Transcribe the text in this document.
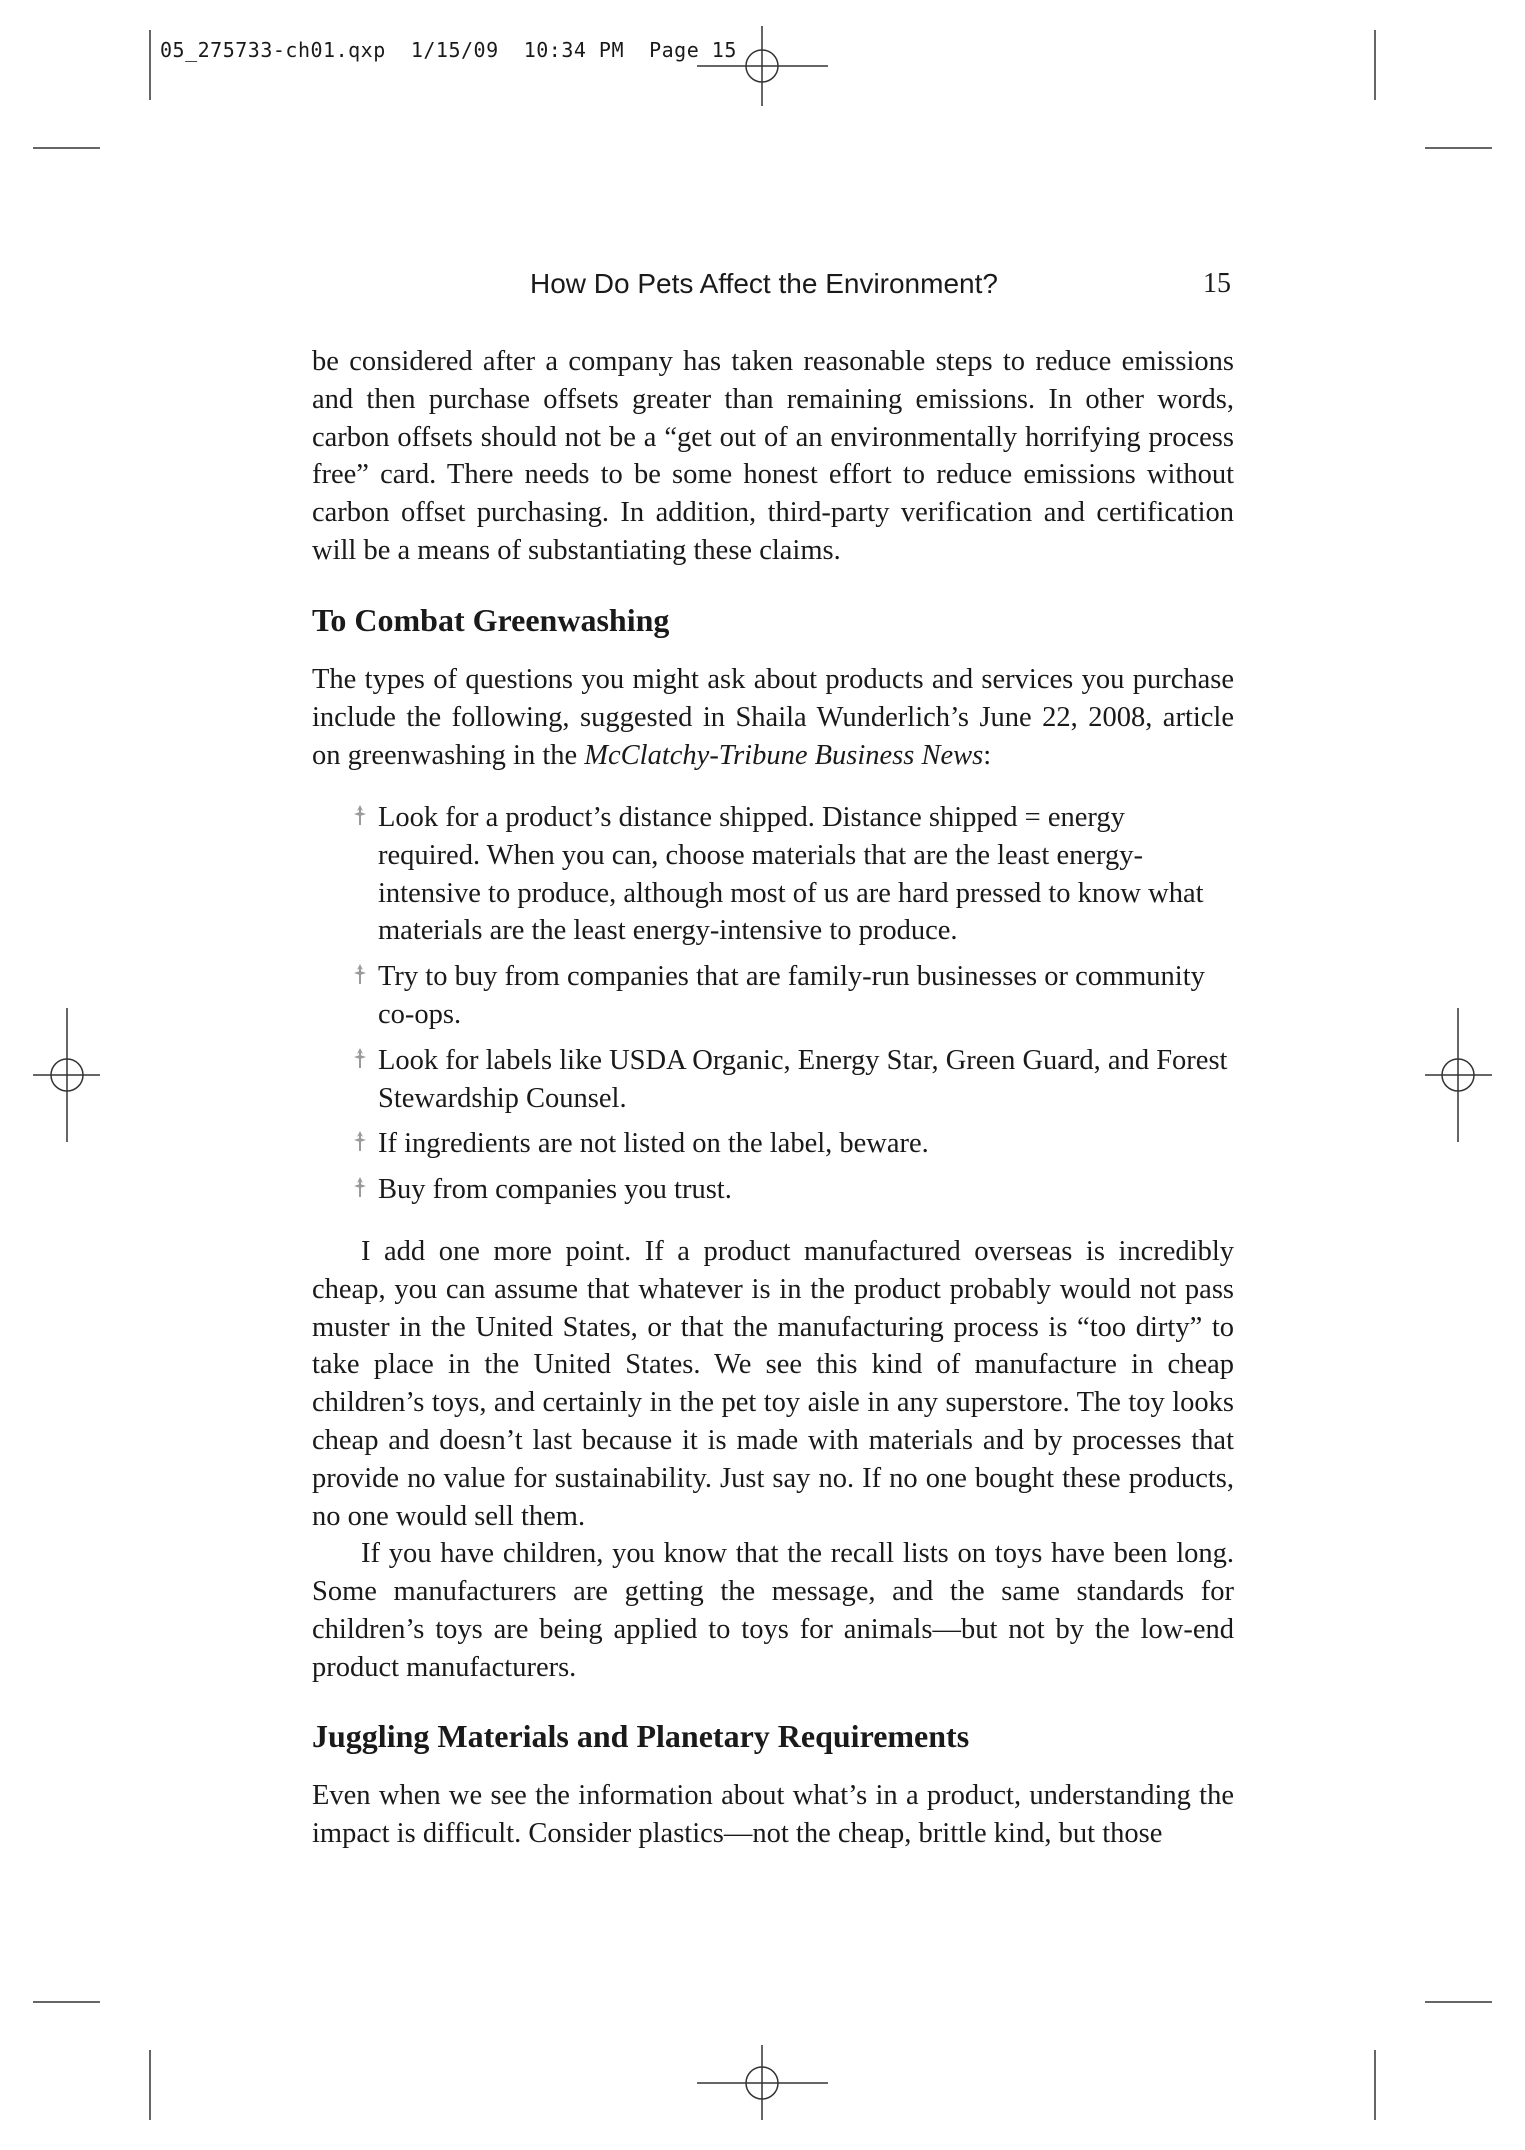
05_275733-ch01.qxp  1/15/09  10:34 PM  Page 15
How Do Pets Affect the Environment?	15
be considered after a company has taken reasonable steps to reduce emissions and then purchase offsets greater than remaining emissions. In other words, carbon offsets should not be a “get out of an environmentally horrifying process free” card. There needs to be some honest effort to reduce emissions without carbon offset purchasing. In addition, third-party verification and certification will be a means of substantiating these claims.
To Combat Greenwashing
The types of questions you might ask about products and services you purchase include the following, suggested in Shaila Wunderlich’s June 22, 2008, article on greenwashing in the McClatchy-Tribune Business News:
Look for a product’s distance shipped. Distance shipped = energy required. When you can, choose materials that are the least energy-intensive to produce, although most of us are hard pressed to know what materials are the least energy-intensive to produce.
Try to buy from companies that are family-run businesses or community co-ops.
Look for labels like USDA Organic, Energy Star, Green Guard, and Forest Stewardship Counsel.
If ingredients are not listed on the label, beware.
Buy from companies you trust.

I add one more point. If a product manufactured overseas is incredibly cheap, you can assume that whatever is in the product probably would not pass muster in the United States, or that the manufacturing process is “too dirty” to take place in the United States. We see this kind of manufacture in cheap children’s toys, and certainly in the pet toy aisle in any superstore. The toy looks cheap and doesn’t last because it is made with materials and by processes that provide no value for sustainability. Just say no. If no one bought these products, no one would sell them.

If you have children, you know that the recall lists on toys have been long. Some manufacturers are getting the message, and the same standards for children’s toys are being applied to toys for animals—but not by the low-end product manufacturers.

Juggling Materials and Planetary Requirements
Even when we see the information about what’s in a product, understanding the impact is difficult. Consider plastics—not the cheap, brittle kind, but those
